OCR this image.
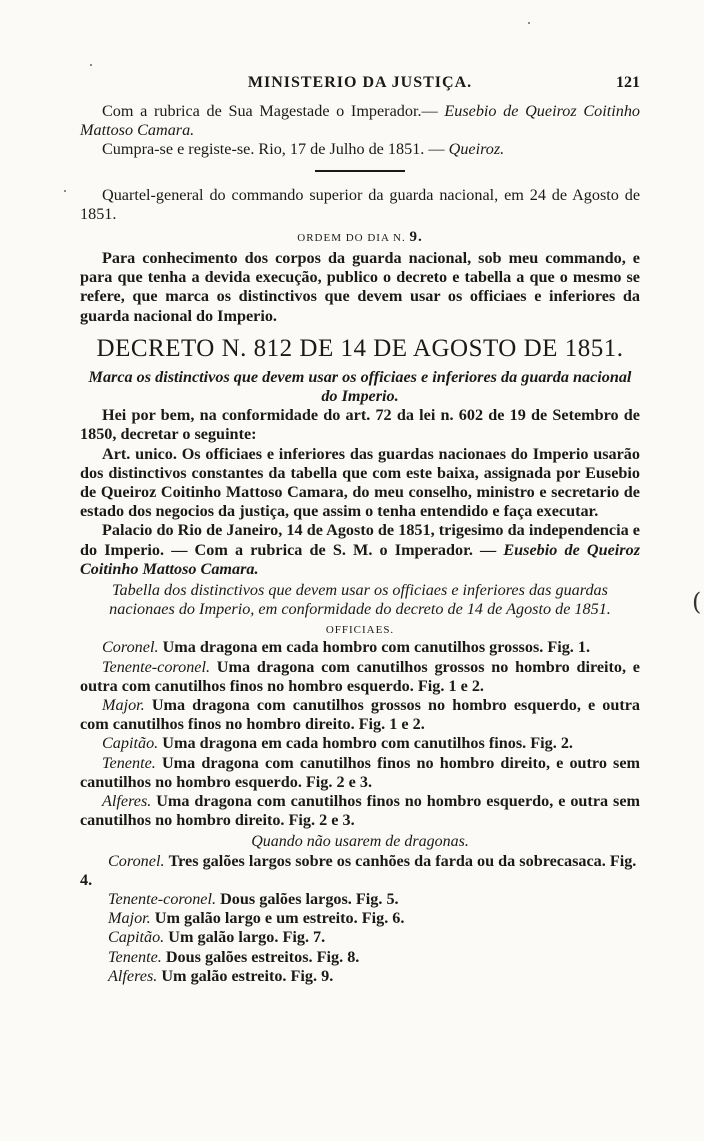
MINISTERIO DA JUSTIÇA.	121

Com a rubrica de Sua Magestade o Imperador.— Eusebio de Queiroz Coitinho Mattoso Camara.

Cumpra-se e registe-se. Rio, 17 de Julho de 1851. — Queiroz.

Quartel-general do commando superior da guarda nacional, em 24 de Agosto de 1851.

ORDEM DO DIA N. 9.

Para conhecimento dos corpos da guarda nacional, sob meu commando, e para que tenha a devida execução, publico o decreto e tabella a que o mesmo se refere, que marca os distinctivos que devem usar os officiaes e inferiores da guarda nacional do Imperio.

DECRETO N. 812 DE 14 DE AGOSTO DE 1851.

Marca os distinctivos que devem usar os officiaes e inferiores da guarda nacional do Imperio.

Hei por bem, na conformidade do art. 72 da lei n. 602 de 19 de Setembro de 1850, decretar o seguinte:

Art. unico. Os officiaes e inferiores das guardas nacionaes do Imperio usarão dos distinctivos constantes da tabella que com este baixa, assignada por Eusebio de Queiroz Coitinho Mattoso Camara, do meu conselho, ministro e secretario de estado dos negocios da justiça, que assim o tenha entendido e faça executar.

Palacio do Rio de Janeiro, 14 de Agosto de 1851, trigesimo da independencia e do Imperio. — Com a rubrica de S. M. o Imperador. — Eusebio de Queiroz Coitinho Mattoso Camara.

Tabella dos distinctivos que devem usar os officiaes e inferiores das guardas nacionaes do Imperio, em conformidade do decreto de 14 de Agosto de 1851.

OFFICIAES.

Coronel. Uma dragona em cada hombro com canutilhos grossos. Fig. 1.

Tenente-coronel. Uma dragona com canutilhos grossos no hombro direito, e outra com canutilhos finos no hombro esquerdo. Fig. 1 e 2.

Major. Uma dragona com canutilhos grossos no hombro esquerdo, e outra com canutilhos finos no hombro direito. Fig. 1 e 2.

Capitão. Uma dragona em cada hombro com canutilhos finos. Fig. 2.

Tenente. Uma dragona com canutilhos finos no hombro direito, e outro sem canutilhos no hombro esquerdo. Fig. 2 e 3.

Alferes. Uma dragona com canutilhos finos no hombro esquerdo, e outra sem canutilhos no hombro direito. Fig. 2 e 3.

Quando não usarem de dragonas.

Coronel. Tres galões largos sobre os canhões da farda ou da sobrecasaca. Fig. 4.

Tenente-coronel. Dous galões largos. Fig. 5.

Major. Um galão largo e um estreito. Fig. 6.

Capitão. Um galão largo. Fig. 7.

Tenente. Dous galões estreitos. Fig. 8.

Alferes. Um galão estreito. Fig. 9.

(
